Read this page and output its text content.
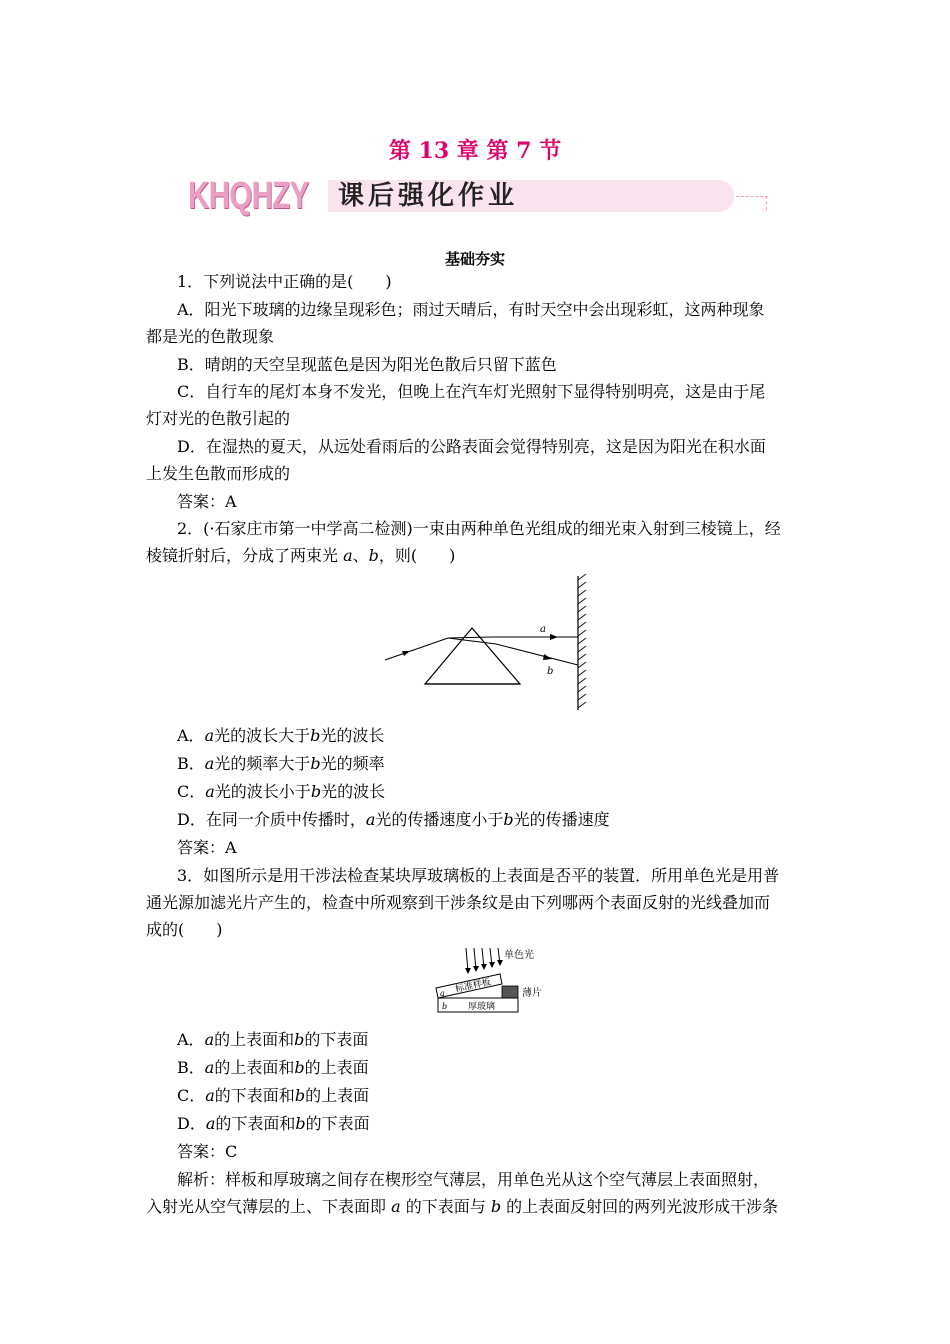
第 13 章 第 7 节
KHQHZY 课后强化作业
基础夯实
1．下列说法中正确的是(　　)
A．阳光下玻璃的边缘呈现彩色；雨过天晴后，有时天空中会出现彩虹，这两种现象
都是光的色散现象
B．晴朗的天空呈现蓝色是因为阳光色散后只留下蓝色
C．自行车的尾灯本身不发光，但晚上在汽车灯光照射下显得特别明亮，这是由于尾
灯对光的色散引起的
D．在湿热的夏天，从远处看雨后的公路表面会觉得特别亮，这是因为阳光在积水面
上发生色散而形成的
答案：A
2．(·石家庄市第一中学高二检测)一束由两种单色光组成的细光束入射到三棱镜上，经
棱镜折射后，分成了两束光 a、b，则(　　)
a
b
A．a光的波长大于b光的波长
B．a光的频率大于b光的频率
C．a光的波长小于b光的波长
D．在同一介质中传播时，a光的传播速度小于b光的传播速度
答案：A
3．如图所示是用干涉法检查某块厚玻璃板的上表面是否平的装置．所用单色光是用普
通光源加滤光片产生的，检查中所观察到干涉条纹是由下列哪两个表面反射的光线叠加而
成的(　　)
单色光
标准样板
a	薄片
b 厚玻璃
A．a的上表面和b的下表面
B．a的上表面和b的上表面
C．a的下表面和b的上表面
D．a的下表面和b的下表面
答案：C
解析：样板和厚玻璃之间存在楔形空气薄层，用单色光从这个空气薄层上表面照射，
入射光从空气薄层的上、下表面即 a 的下表面与 b 的上表面反射回的两列光波形成干涉条
